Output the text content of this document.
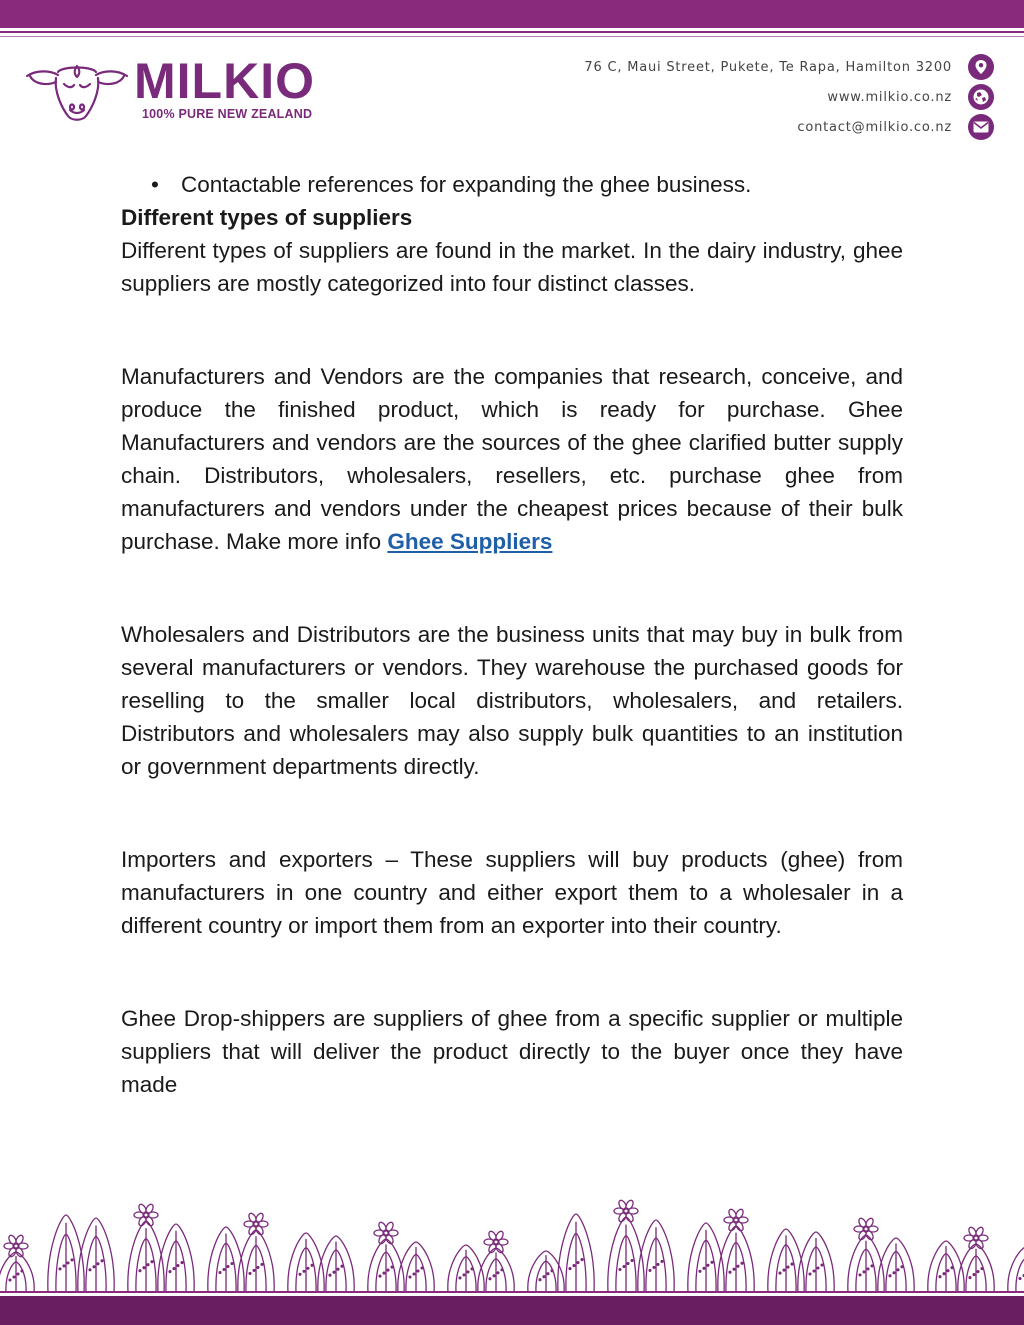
MILKIO
100% PURE NEW ZEALAND
76 C, Maui Street, Pukete, Te Rapa, Hamilton 3200
www.milkio.co.nz
contact@milkio.co.nz
• Contactable references for expanding the ghee business.

Different types of suppliers

Different types of suppliers are found in the market. In the dairy industry, ghee suppliers are mostly categorized into four distinct classes.

Manufacturers and Vendors are the companies that research, conceive, and produce the finished product, which is ready for purchase. Ghee Manufacturers and vendors are the sources of the ghee clarified butter supply chain. Distributors, wholesalers, resellers, etc. purchase ghee from manufacturers and vendors under the cheapest prices because of their bulk purchase. Make more info Ghee Suppliers

Wholesalers and Distributors are the business units that may buy in bulk from several manufacturers or vendors. They warehouse the purchased goods for reselling to the smaller local distributors, wholesalers, and retailers. Distributors and wholesalers may also supply bulk quantities to an institution or government departments directly.

Importers and exporters – These suppliers will buy products (ghee) from manufacturers in one country and either export them to a wholesaler in a different country or import them from an exporter into their country.

Ghee Drop-shippers are suppliers of ghee from a specific supplier or multiple suppliers that will deliver the product directly to the buyer once they have made
